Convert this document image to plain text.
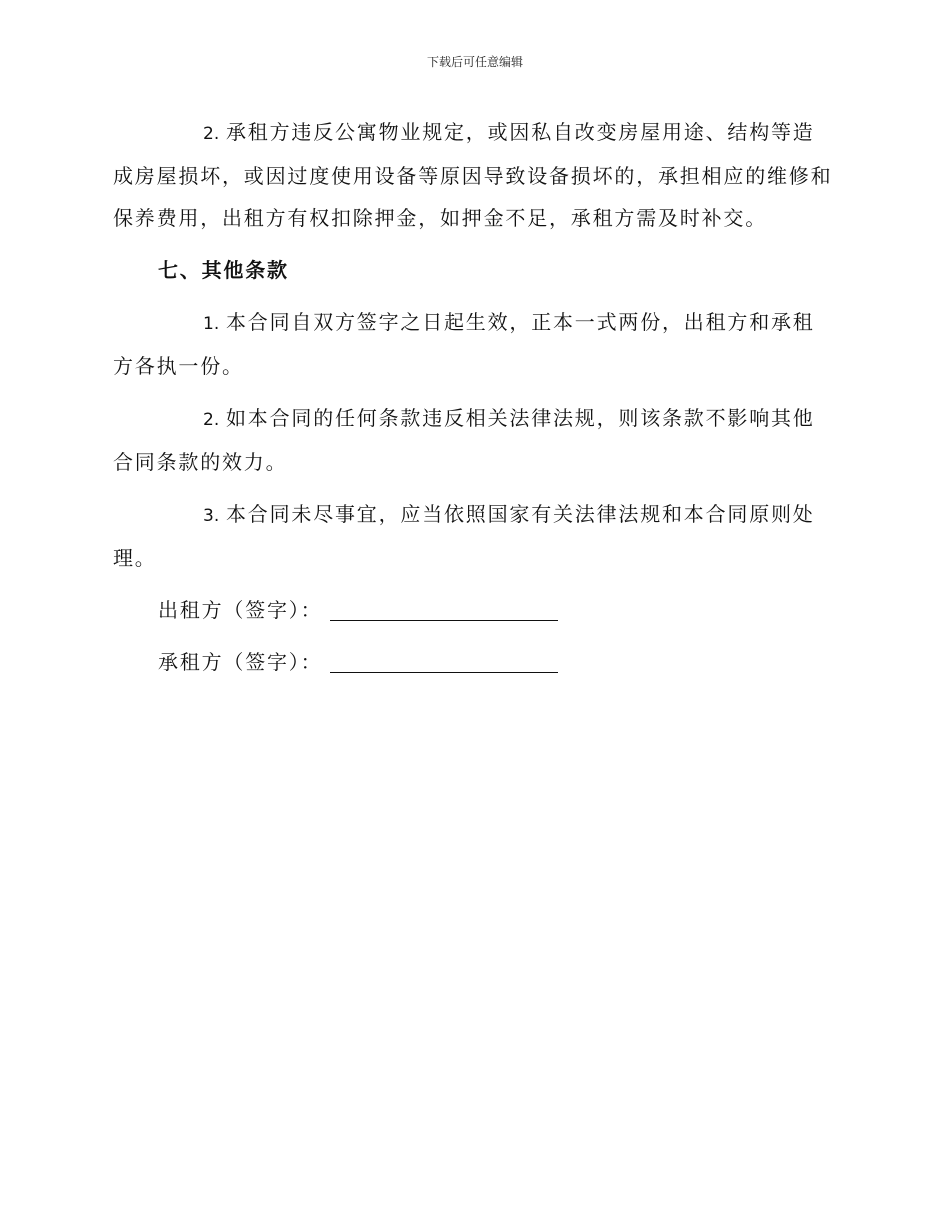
下载后可任意编辑

2. 承租方违反公寓物业规定，或因私自改变房屋用途、结构等造成房屋损坏，或因过度使用设备等原因导致设备损坏的，承担相应的维修和保养费用，出租方有权扣除押金，如押金不足，承租方需及时补交。

七、其他条款

1. 本合同自双方签字之日起生效，正本一式两份，出租方和承租方各执一份。

2. 如本合同的任何条款违反相关法律法规，则该条款不影响其他合同条款的效力。

3. 本合同未尽事宜，应当依照国家有关法律法规和本合同原则处理。

出租方（签字）：
承租方（签字）：
